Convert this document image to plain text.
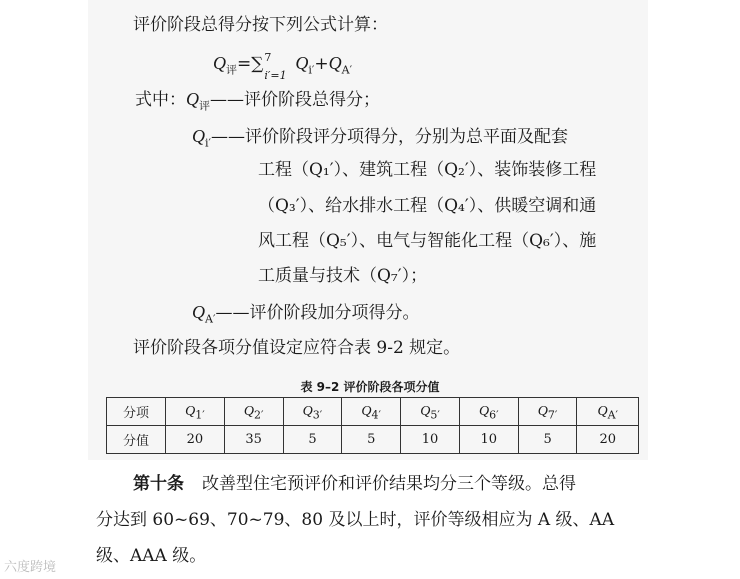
评价阶段总得分按下列公式计算：
$Q_评=\sum$ 7
i′=1
$Q_{i'}+Q_{A'}$
式中：$Q_评——$评价阶段总得分；
$Q_{i'}——$评价阶段评分项得分，分别为总平面及配套
工程（Q₁′）、建筑工程（Q₂′）、装饰装修工程
（Q₃′）、给水排水工程（Q₄′）、供暖空调和通
风工程（Q₅′）、电气与智能化工程（Q₆′）、施
工质量与技术（Q₇′）；
$Q_{A'}——$评价阶段加分项得分。
评价阶段各项分值设定应符合表 9-2 规定。
表 9–2 评价阶段各项分值
分项	$Q_{1'}$	$Q_{2'}$	$Q_{3'}$	$Q_{4'}$	$Q_{5'}$	$Q_{6'}$	$Q_{7'}$	$Q_{A'}$
分值	20	35	5	5	10	10	5	20
第十条 改善型住宅预评价和评价结果均分三个等级。总得
分达到 60~69、70~79、80 及以上时，评价等级相应为 A 级、AA
级、AAA 级。
六度跨境
